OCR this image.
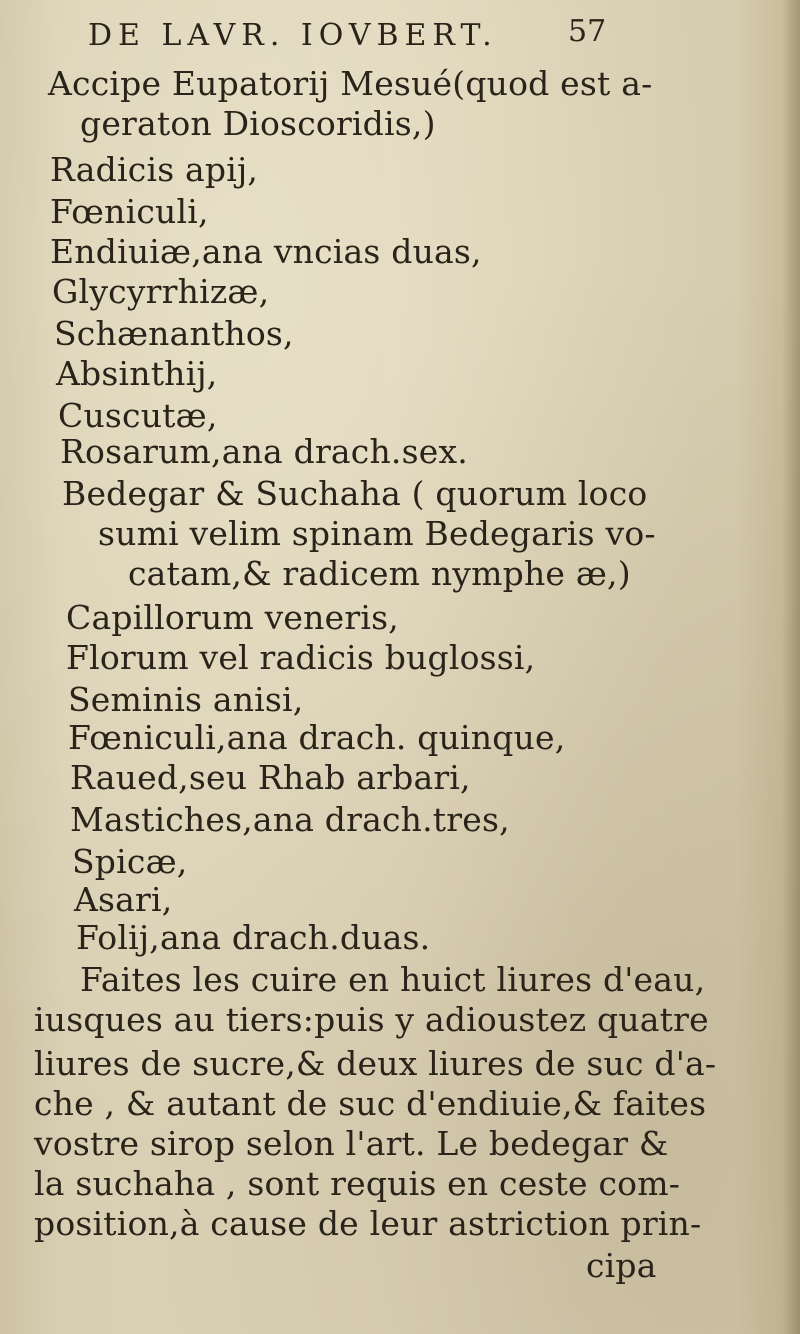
DE LAVR. IOVBERT. 57
Accipe Eupatorij Mesué(quod est a-
geraton Dioscoridis,)
Radicis apij,
Fœniculi,
Endiuiæ,ana vncias duas,
Glycyrrhizæ,
Schænanthos,
Absinthij,
Cuscutæ,
Rosarum,ana drach.sex.
Bedegar & Suchaha ( quorum loco
sumi velim spinam Bedegaris vo-
catam,& radicem nymphe æ,)
Capillorum veneris,
Florum vel radicis buglossi,
Seminis anisi,
Fœniculi,ana drach. quinque,
Raued,seu Rhab arbari,
Mastiches,ana drach.tres,
Spicæ,
Asari,
Folij,ana drach.duas.
Faites les cuire en huict liures d'eau,
iusques au tiers:puis y adioustez quatre
liures de sucre,& deux liures de suc d'a-
che , & autant de suc d'endiuie,& faites
vostre sirop selon l'art. Le bedegar &
la suchaha , sont requis en ceste com-
position,à cause de leur astriction prin-
cipa
